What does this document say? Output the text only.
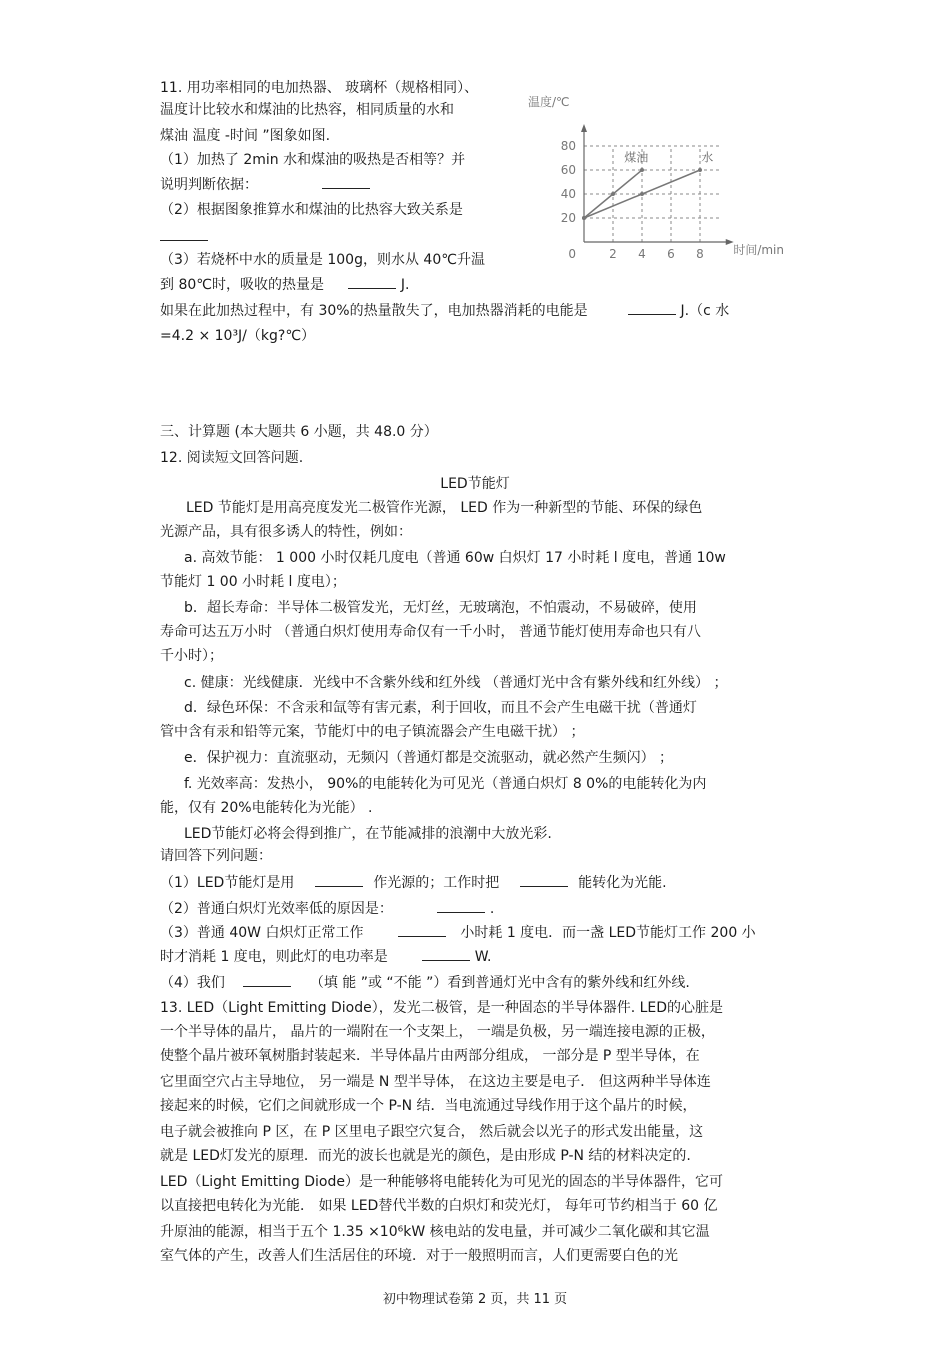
11. 用功率相同的电加热器、 玻璃杯（规格相同）、
温度计比较水和煤油的比热容，相同质量的水和
煤油 温度 -时间 ”图象如图.
（1）加热了 2min 水和煤油的吸热是否相等？并
说明判断依据：
（2）根据图象推算水和煤油的比热容大致关系是
（3）若烧杯中水的质量是 100g，则水从 40℃升温
到 80℃时，吸收的热量是	J.
如果在此加热过程中，有 30%的热量散失了，电加热器消耗的电能是	J.（c 水
=4.2 × 10³J/（kg?℃）
20
40
60
80
2 4 6 8
0
温度/℃
时间/min
煤油	水
三、计算题 (本大题共 6 小题，共 48.0 分）
12. 阅读短文回答问题.
LED节能灯
LED 节能灯是用高亮度发光二极管作光源， LED 作为一种新型的节能、环保的绿色
光源产品，具有很多诱人的特性，例如：
a. 高效节能： 1 000 小时仅耗几度电（普通 60w 白炽灯 17 小时耗 l 度电，普通 10w
节能灯 1 00 小时耗 l 度电）；
b．超长寿命：半导体二极管发光，无灯丝，无玻璃泡，不怕震动，不易破碎，使用
寿命可达五万小时 （普通白炽灯使用寿命仅有一千小时， 普通节能灯使用寿命也只有八
千小时）；
c. 健康：光线健康．光线中不含紫外线和红外线 （普通灯光中含有紫外线和红外线） ；
d．绿色环保：不含汞和氙等有害元素，利于回收，而且不会产生电磁干扰（普通灯
管中含有汞和铅等元案，节能灯中的电子镇流器会产生电磁干扰） ；
e．保护视力：直流驱动，无频闪（普通灯都是交流驱动，就必然产生频闪） ；
f. 光效率高：发热小， 90%的电能转化为可见光（普通白炽灯 8 0%的电能转化为内
能，仅有 20%电能转化为光能） .
LED节能灯必将会得到推广，在节能减排的浪潮中大放光彩.
请回答下列问题：
（1）LED节能灯是用	作光源的；工作时把	能转化为光能.
（2）普通白炽灯光效率低的原因是：	.
（3）普通 40W 白炽灯正常工作	小时耗 1 度电．而一盏 LED节能灯工作 200 小
时才消耗 1 度电，则此灯的电功率是	W.
（4）我们	（填 能 ”或 “不能 ”）看到普通灯光中含有的紫外线和红外线.
13. LED（Light Emitting Diode），发光二极管，是一种固态的半导体器件. LED的心脏是
一个半导体的晶片， 晶片的一端附在一个支架上， 一端是负极，另一端连接电源的正极，
使整个晶片被环氧树脂封装起来．半导体晶片由两部分组成， 一部分是 P 型半导体，在
它里面空穴占主导地位， 另一端是 N 型半导体， 在这边主要是电子． 但这两种半导体连
接起来的时候，它们之间就形成一个 P-N 结．当电流通过导线作用于这个晶片的时候，
电子就会被推向 P 区，在 P 区里电子跟空穴复合， 然后就会以光子的形式发出能量，这
就是 LED灯发光的原理．而光的波长也就是光的颜色，是由形成 P-N 结的材料决定的.
LED（Light Emitting Diode）是一种能够将电能转化为可见光的固态的半导体器件，它可
以直接把电转化为光能． 如果 LED替代半数的白炽灯和荧光灯， 每年可节约相当于 60 亿
升原油的能源，相当于五个 1.35 ×10⁶kW 核电站的发电量，并可减少二氧化碳和其它温
室气体的产生，改善人们生活居住的环境．对于一般照明而言，人们更需要白色的光
初中物理试卷第 2 页，共 11 页
